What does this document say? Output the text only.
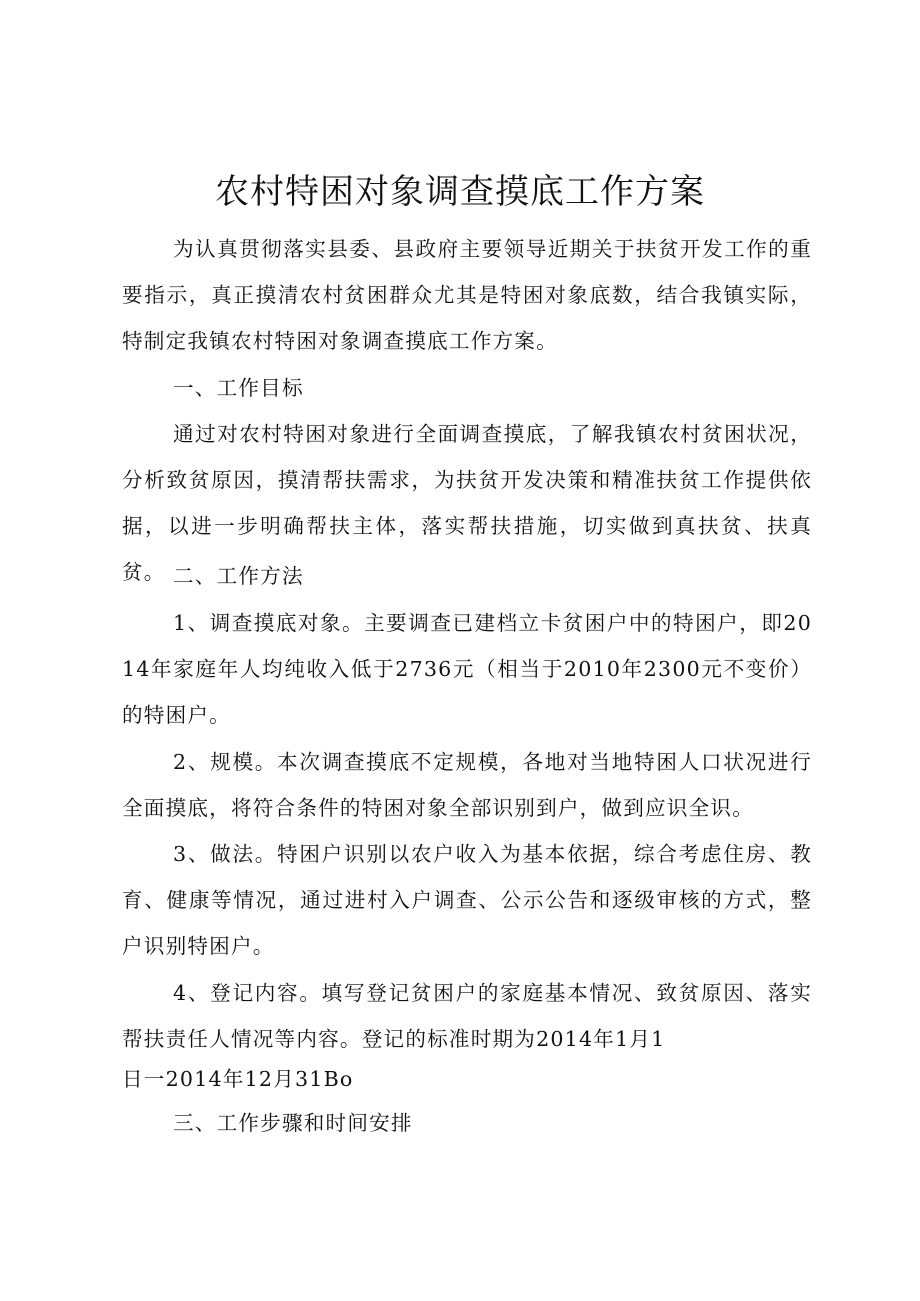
农村特困对象调查摸底工作方案
为认真贯彻落实县委、县政府主要领导近期关于扶贫开发工作的重要指示，真正摸清农村贫困群众尤其是特困对象底数，结合我镇实际，特制定我镇农村特困对象调查摸底工作方案。
一、工作目标
通过对农村特困对象进行全面调查摸底，了解我镇农村贫困状况，分析致贫原因，摸清帮扶需求，为扶贫开发决策和精准扶贫工作提供依据，以进一步明确帮扶主体，落实帮扶措施，切实做到真扶贫、扶真贫。 二、工作方法
1、调查摸底对象。主要调查已建档立卡贫困户中的特困户，即2014年家庭年人均纯收入低于2736元（相当于2010年2300元不变价）的特困户。
2、规模。本次调查摸底不定规模，各地对当地特困人口状况进行全面摸底，将符合条件的特困对象全部识别到户，做到应识全识。
3、做法。特困户识别以农户收入为基本依据，综合考虑住房、教育、健康等情况，通过进村入户调查、公示公告和逐级审核的方式，整户识别特困户。
4、登记内容。填写登记贫困户的家庭基本情况、致贫原因、落实帮扶责任人情况等内容。登记的标准时期为2014年1月1
日一2014年12月31Bo
三、工作步骤和时间安排
